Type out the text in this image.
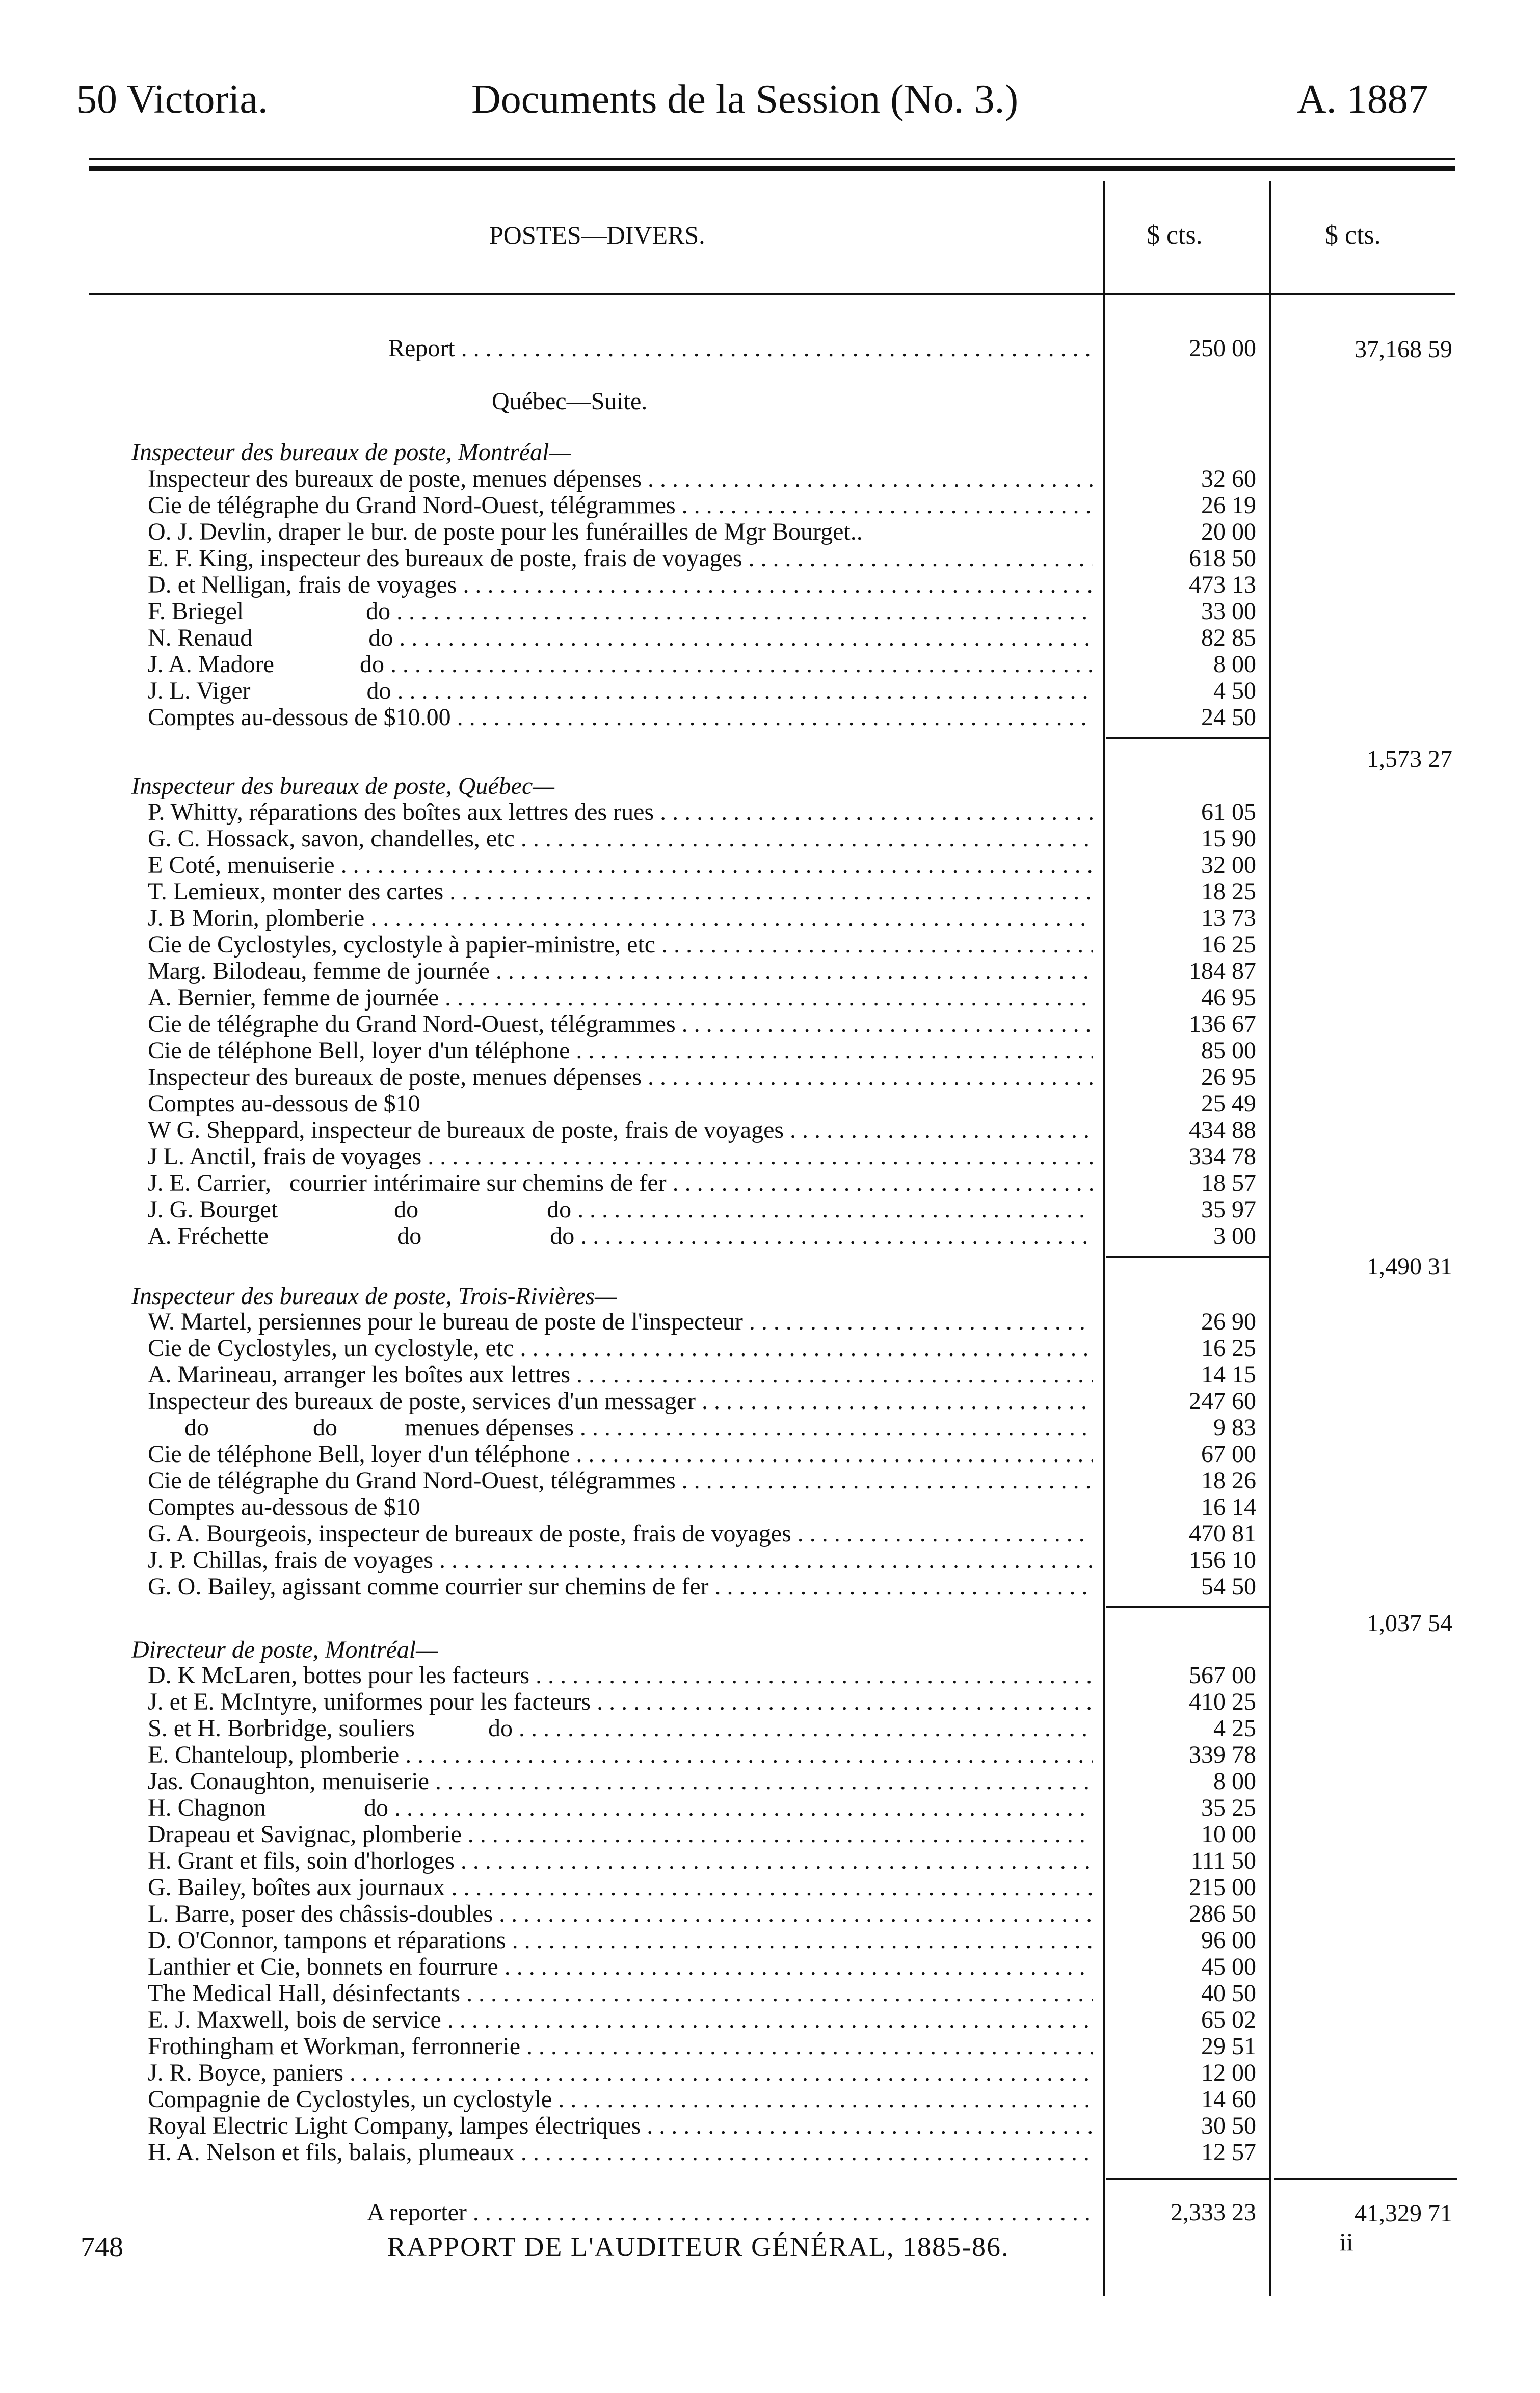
50 Victoria.	Documents de la Session (No. 3.)	A. 1887
POSTES—DIVERS.	$ cts.	$ cts.
Report . . .	250 00	37,168 59
Québec—Suite.
Inspecteur des bureaux de poste, Montréal—
Inspecteur des bureaux de poste, menues dépenses . . .	32 60
Cie de télégraphe du Grand Nord-Ouest, télégrammes . . .	26 19
O. J. Devlin, draper le bur. de poste pour les funérailles de Mgr Bourget..	20 00
E. F. King, inspecteur des bureaux de poste, frais de voyages . . .	618 50
D. et Nelligan, frais de voyages . . .	473 13
F. Briegel                    do . . .	33 00
N. Renaud                   do . . .	82 85
J. A. Madore              do . . .	8 00
J. L. Viger                   do . . .	4 50
Comptes au-dessous de $10.00 . . .	24 50
1,573 27
Inspecteur des bureaux de poste, Québec—
P. Whitty, réparations des boîtes aux lettres des rues . . .	61 05
G. C. Hossack, savon, chandelles, etc . . .	15 90
E Coté, menuiserie . . .	32 00
T. Lemieux, monter des cartes . . .	18 25
J. B Morin, plomberie . . .	13 73
Cie de Cyclostyles, cyclostyle à papier-ministre, etc . . .	16 25
Marg. Bilodeau, femme de journée . . .	184 87
A. Bernier, femme de journée . . .	46 95
Cie de télégraphe du Grand Nord-Ouest, télégrammes . . .	136 67
Cie de téléphone Bell, loyer d'un téléphone . . .	85 00
Inspecteur des bureaux de poste, menues dépenses . . .	26 95
Comptes au-dessous de $10	25 49
W G. Sheppard, inspecteur de bureaux de poste, frais de voyages . . .	434 88
J L. Anctil, frais de voyages . . .	334 78
J. E. Carrier,   courrier intérimaire sur chemins de fer . . .	18 57
J. G. Bourget                   do                     do . . .	35 97
A. Fréchette                     do                     do . . .	3 00
1,490 31
Inspecteur des bureaux de poste, Trois-Rivières—
W. Martel, persiennes pour le bureau de poste de l'inspecteur . . .	26 90
Cie de Cyclostyles, un cyclostyle, etc . . .	16 25
A. Marineau, arranger les boîtes aux lettres . . .	14 15
Inspecteur des bureaux de poste, services d'un messager . . .	247 60
do                 do           menues dépenses . . .	9 83
Cie de téléphone Bell, loyer d'un téléphone . . .	67 00
Cie de télégraphe du Grand Nord-Ouest, télégrammes . . .	18 26
Comptes au-dessous de $10	16 14
G. A. Bourgeois, inspecteur de bureaux de poste, frais de voyages . . .	470 81
J. P. Chillas, frais de voyages . . .	156 10
G. O. Bailey, agissant comme courrier sur chemins de fer . . .	54 50
1,037 54
Directeur de poste, Montréal—
D. K McLaren, bottes pour les facteurs . . .	567 00
J. et E. McIntyre, uniformes pour les facteurs . . .	410 25
S. et H. Borbridge, souliers            do . . .	4 25
E. Chanteloup, plomberie . . .	339 78
Jas. Conaughton, menuiserie . . .	8 00
H. Chagnon                do . . .	35 25
Drapeau et Savignac, plomberie . . .	10 00
H. Grant et fils, soin d'horloges . . .	111 50
G. Bailey, boîtes aux journaux . . .	215 00
L. Barre, poser des châssis-doubles . . .	286 50
D. O'Connor, tampons et réparations . . .	96 00
Lanthier et Cie, bonnets en fourrure . . .	45 00
The Medical Hall, désinfectants . . .	40 50
E. J. Maxwell, bois de service . . .	65 02
Frothingham et Workman, ferronnerie . . .	29 51
J. R. Boyce, paniers . . .	12 00
Compagnie de Cyclostyles, un cyclostyle . . .	14 60
Royal Electric Light Company, lampes électriques . . .	30 50
H. A. Nelson et fils, balais, plumeaux . . .	12 57
A reporter . . .	2,333 23	41,329 71
748	RAPPORT DE L'AUDITEUR GÉNÉRAL, 1885-86.	ii
